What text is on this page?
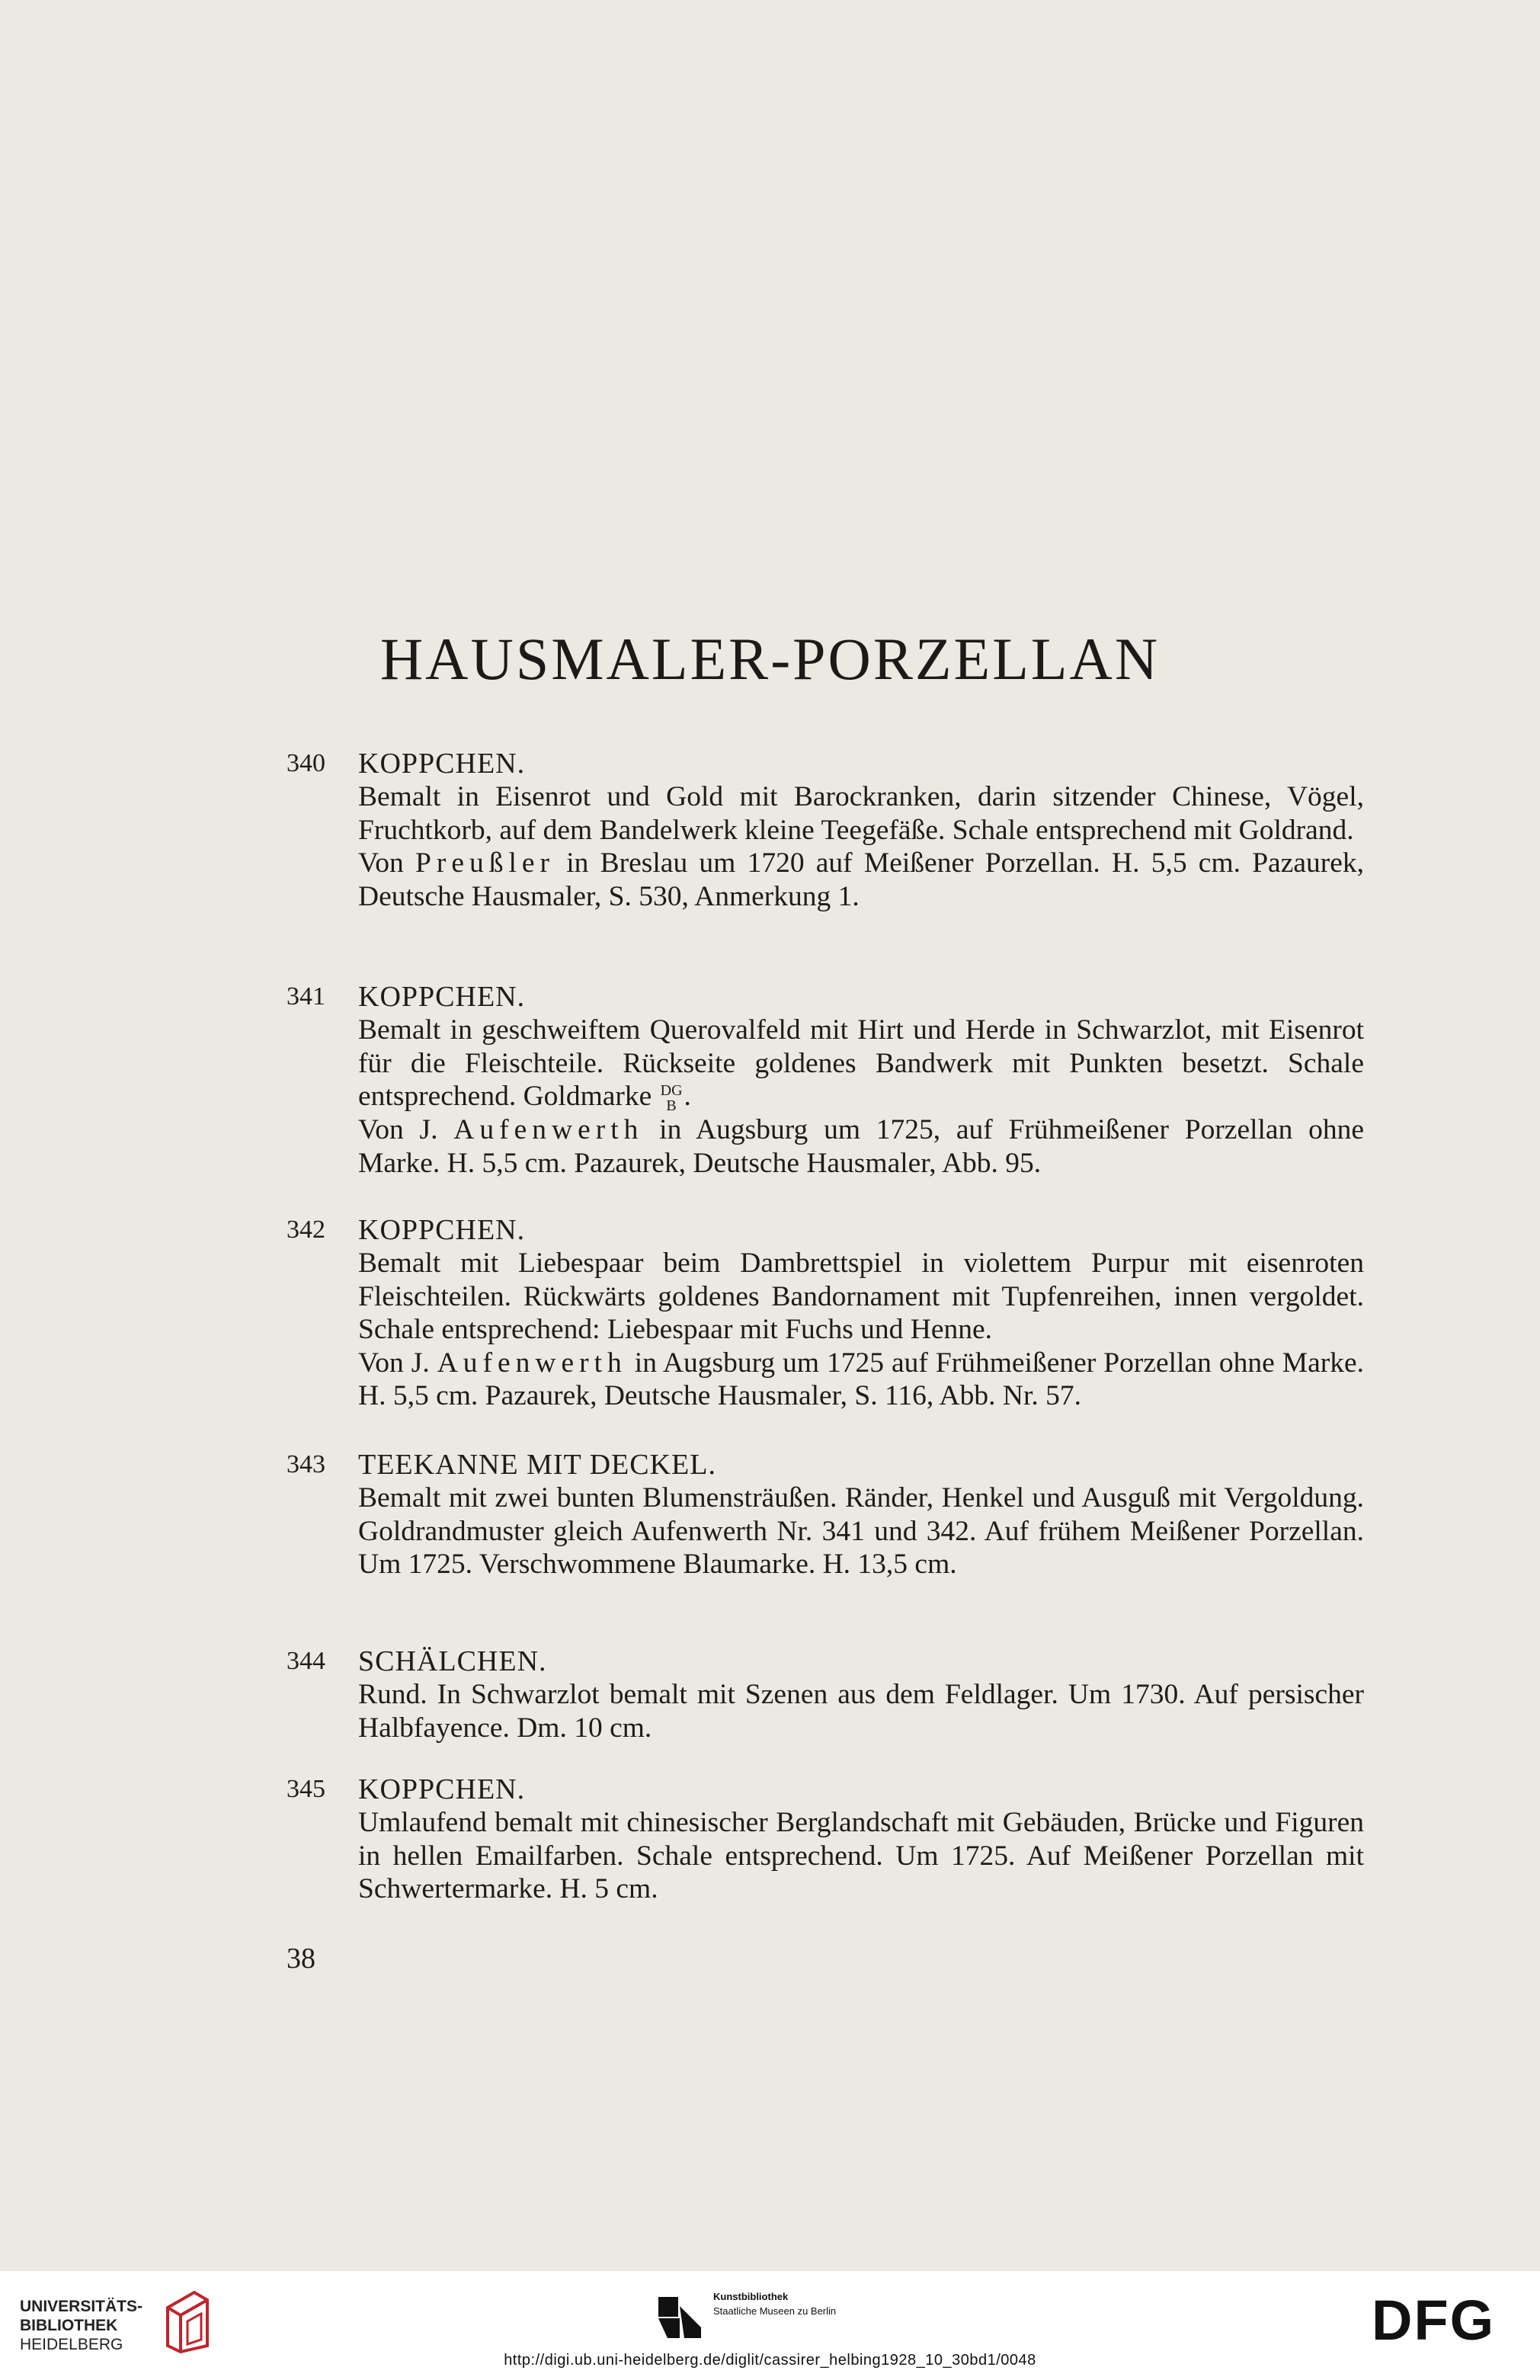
HAUSMALER-PORZELLAN
340	KOPPCHEN.

Bemalt in Eisenrot und Gold mit Barockranken, darin sitzender Chinese, Vögel, Fruchtkorb, auf dem Bandelwerk kleine Teegefäße. Schale entsprechend mit Goldrand.

Von Preußler in Breslau um 1720 auf Meißener Porzellan. H. 5,5 cm. Pazaurek, Deutsche Hausmaler, S. 530, Anmerkung 1.

341	KOPPCHEN.

Bemalt in geschweiftem Querovalfeld mit Hirt und Herde in Schwarzlot, mit Eisenrot für die Fleischteile. Rückseite goldenes Bandwerk mit Punkten besetzt. Schale entsprechend. Goldmarke DG
B .

Von J. Aufenwerth in Augsburg um 1725, auf Frühmeißener Porzellan ohne Marke. H. 5,5 cm. Pazaurek, Deutsche Hausmaler, Abb. 95.

342	KOPPCHEN.

Bemalt mit Liebespaar beim Dambrettspiel in violettem Purpur mit eisenroten Fleischteilen. Rückwärts goldenes Bandornament mit Tupfenreihen, innen vergoldet. Schale entsprechend: Liebespaar mit Fuchs und Henne.

Von J. Aufenwerth in Augsburg um 1725 auf Frühmeißener Porzellan ohne Marke. H. 5,5 cm. Pazaurek, Deutsche Hausmaler, S. 116, Abb. Nr. 57.

343	TEEKANNE MIT DECKEL.

Bemalt mit zwei bunten Blumensträußen. Ränder, Henkel und Ausguß mit Vergoldung. Goldrandmuster gleich Aufenwerth Nr. 341 und 342. Auf frühem Meißener Porzellan. Um 1725. Verschwommene Blaumarke. H. 13,5 cm.

344	SCHÄLCHEN.

Rund. In Schwarzlot bemalt mit Szenen aus dem Feldlager. Um 1730. Auf persischer Halbfayence. Dm. 10 cm.

345	KOPPCHEN.

Umlaufend bemalt mit chinesischer Berglandschaft mit Gebäuden, Brücke und Figuren in hellen Emailfarben. Schale entsprechend. Um 1725. Auf Meißener Porzellan mit Schwertermarke. H. 5 cm.

38
UNIVERSITÄTS-
BIBLIOTHEK
HEIDELBERG
Kunstbibliothek
Staatliche Museen zu Berlin	DFG
http://digi.ub.uni-heidelberg.de/diglit/cassirer_helbing1928_10_30bd1/0048
